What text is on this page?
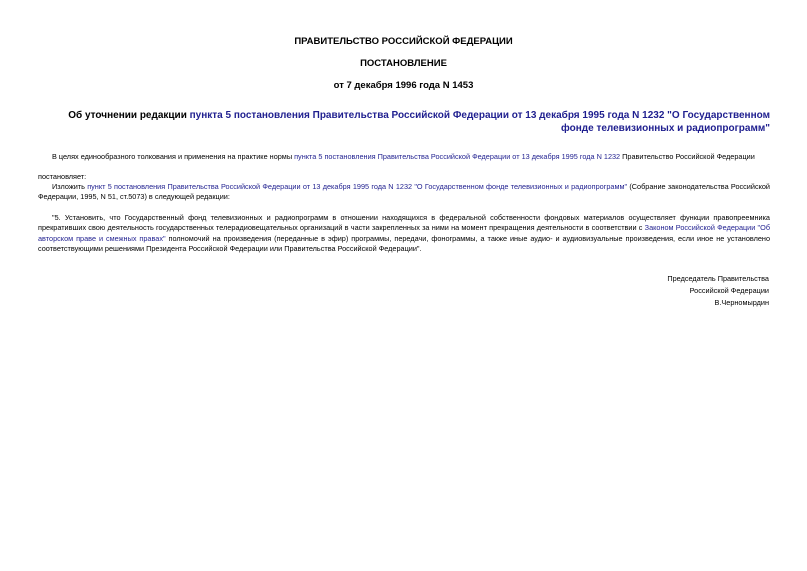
ПРАВИТЕЛЬСТВО РОССИЙСКОЙ ФЕДЕРАЦИИ
ПОСТАНОВЛЕНИЕ
от 7 декабря 1996 года N 1453
Об уточнении редакции пункта 5 постановления Правительства Российской Федерации от 13 декабря 1995 года N 1232 "О Государственном фонде телевизионных и радиопрограмм"

В целях единообразного толкования и применения на практике нормы пункта 5 постановления Правительства Российской Федерации от 13 декабря 1995 года N 1232 Правительство Российской Федерации

постановляет:

Изложить пункт 5 постановления Правительства Российской Федерации от 13 декабря 1995 года N 1232 "О Государственном фонде телевизионных и радиопрограмм" (Собрание законодательства Российской Федерации, 1995, N 51, ст.5073) в следующей редакции:

"5. Установить, что Государственный фонд телевизионных и радиопрограмм в отношении находящихся в федеральной собственности фондовых материалов осуществляет функции правопреемника прекративших свою деятельность государственных телерадиовещательных организаций в части закрепленных за ними на момент прекращения деятельности в соответствии с Законом Российской Федерации "Об авторском праве и смежных правах" полномочий на произведения (переданные в эфир) программы, передачи, фонограммы, а также иные аудио- и аудиовизуальные произведения, если иное не установлено соответствующими решениями Президента Российской Федерации или Правительства Российской Федерации".

Председатель Правительства
Российской Федерации
В.Черномырдин
